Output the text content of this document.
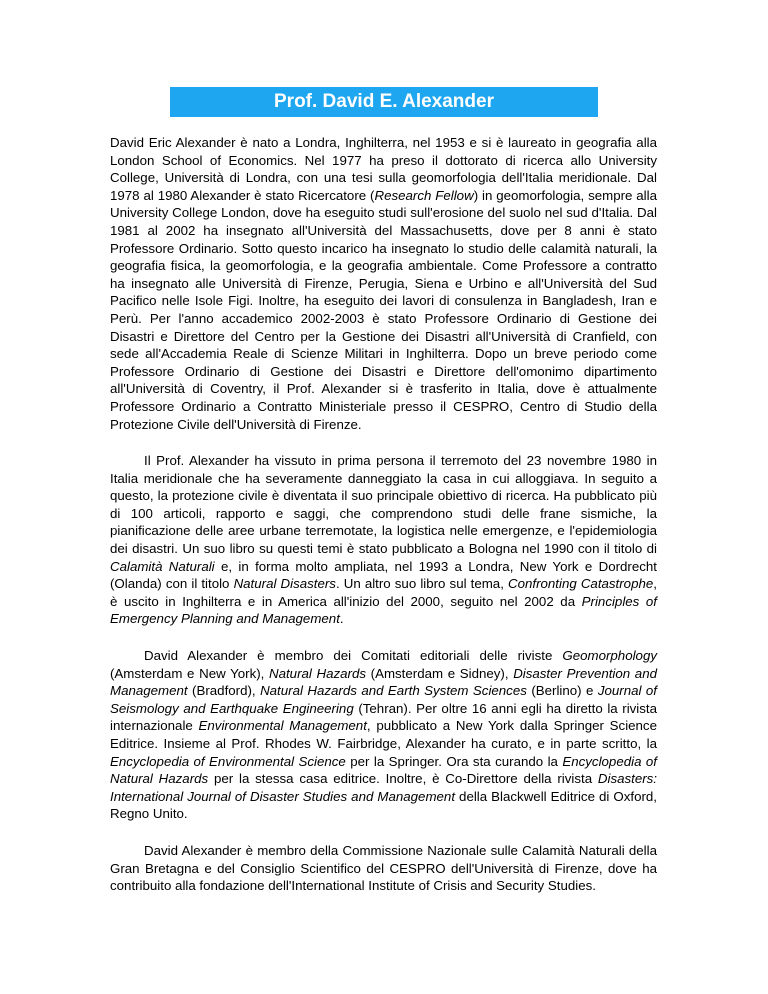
Prof. David E. Alexander

David Eric Alexander è nato a Londra, Inghilterra, nel 1953 e si è laureato in geografia alla London School of Economics. Nel 1977 ha preso il dottorato di ricerca allo University College, Università di Londra, con una tesi sulla geomorfologia dell'Italia meridionale. Dal 1978 al 1980 Alexander è stato Ricercatore (Research Fellow) in geomorfologia, sempre alla University College London, dove ha eseguito studi sull'erosione del suolo nel sud d'Italia. Dal 1981 al 2002 ha insegnato all'Università del Massachusetts, dove per 8 anni è stato Professore Ordinario. Sotto questo incarico ha insegnato lo studio delle calamità naturali, la geografia fisica, la geomorfologia, e la geografia ambientale. Come Professore a contratto ha insegnato alle Università di Firenze, Perugia, Siena e Urbino e all'Università del Sud Pacifico nelle Isole Figi. Inoltre, ha eseguito dei lavori di consulenza in Bangladesh, Iran e Perù. Per l'anno accademico 2002-2003 è stato Professore Ordinario di Gestione dei Disastri e Direttore del Centro per la Gestione dei Disastri all'Università di Cranfield, con sede all'Accademia Reale di Scienze Militari in Inghilterra. Dopo un breve periodo come Professore Ordinario di Gestione dei Disastri e Direttore dell'omonimo dipartimento all'Università di Coventry, il Prof. Alexander si è trasferito in Italia, dove è attualmente Professore Ordinario a Contratto Ministeriale presso il CESPRO, Centro di Studio della Protezione Civile dell'Università di Firenze.

Il Prof. Alexander ha vissuto in prima persona il terremoto del 23 novembre 1980 in Italia meridionale che ha severamente danneggiato la casa in cui alloggiava. In seguito a questo, la protezione civile è diventata il suo principale obiettivo di ricerca. Ha pubblicato più di 100 articoli, rapporto e saggi, che comprendono studi delle frane sismiche, la pianificazione delle aree urbane terremotate, la logistica nelle emergenze, e l'epidemiologia dei disastri. Un suo libro su questi temi è stato pubblicato a Bologna nel 1990 con il titolo di Calamità Naturali e, in forma molto ampliata, nel 1993 a Londra, New York e Dordrecht (Olanda) con il titolo Natural Disasters. Un altro suo libro sul tema, Confronting Catastrophe, è uscito in Inghilterra e in America all'inizio del 2000, seguito nel 2002 da Principles of Emergency Planning and Management.

David Alexander è membro dei Comitati editoriali delle riviste Geomorphology (Amsterdam e New York), Natural Hazards (Amsterdam e Sidney), Disaster Prevention and Management (Bradford), Natural Hazards and Earth System Sciences (Berlino) e Journal of Seismology and Earthquake Engineering (Tehran). Per oltre 16 anni egli ha diretto la rivista internazionale Environmental Management, pubblicato a New York dalla Springer Science Editrice. Insieme al Prof. Rhodes W. Fairbridge, Alexander ha curato, e in parte scritto, la Encyclopedia of Environmental Science per la Springer. Ora sta curando la Encyclopedia of Natural Hazards per la stessa casa editrice. Inoltre, è Co-Direttore della rivista Disasters: International Journal of Disaster Studies and Management della Blackwell Editrice di Oxford, Regno Unito.

David Alexander è membro della Commissione Nazionale sulle Calamità Naturali della Gran Bretagna e del Consiglio Scientifico del CESPRO dell'Università di Firenze, dove ha contribuito alla fondazione dell'International Institute of Crisis and Security Studies.
